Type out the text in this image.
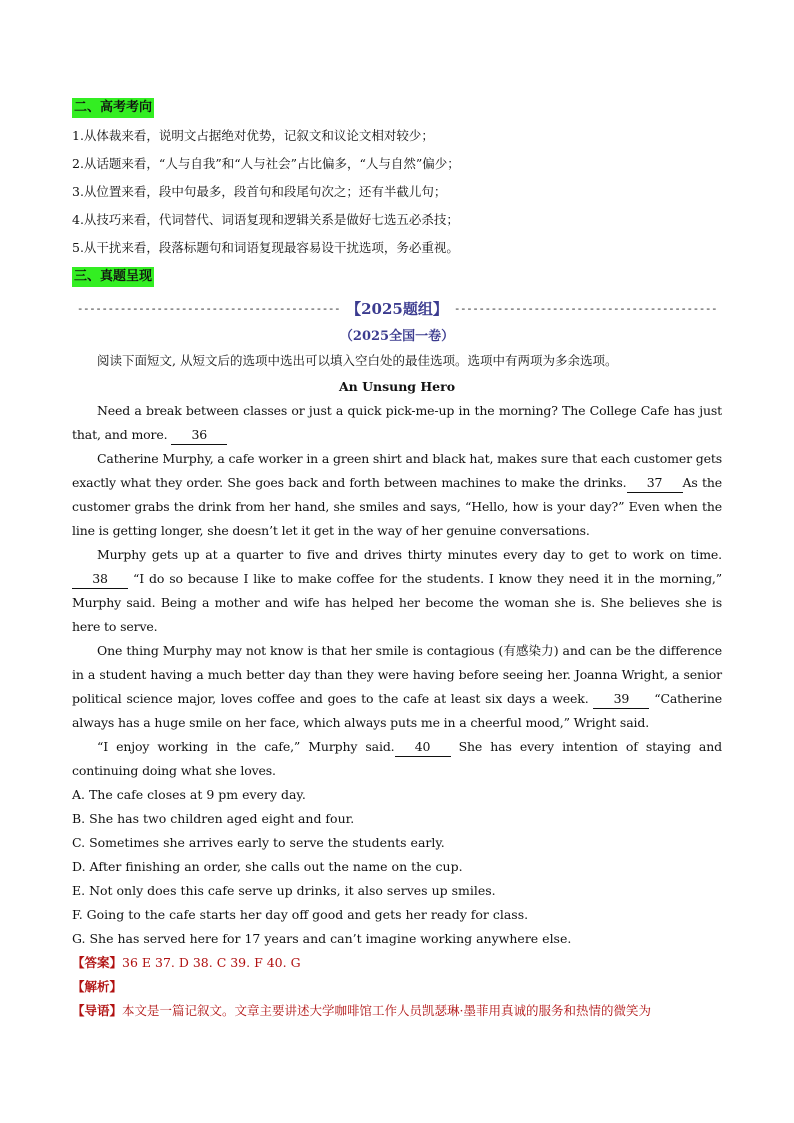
二、高考考向
1.从体裁来看，说明文占据绝对优势，记叙文和议论文相对较少；
2.从话题来看，“人与自我”和“人与社会”占比偏多，“人与自然”偏少；
3.从位置来看，段中句最多，段首句和段尾句次之；还有半截儿句；
4.从技巧来看，代词替代、词语复现和逻辑关系是做好七选五必杀技；
5.从干扰来看，段落标题句和词语复现最容易设干扰选项，务必重视。
三、真题呈现
------------------------------------------- 【2025题组】 -------------------------------------------
（2025全国一卷）
阅读下面短文, 从短文后的选项中选出可以填入空白处的最佳选项。选项中有两项为多余选项。
An Unsung Hero
Need a break between classes or just a quick pick-me-up in the morning? The College Cafe has just that, and more. 36
Catherine Murphy, a cafe worker in a green shirt and black hat, makes sure that each customer gets exactly what they order. She goes back and forth between machines to make the drinks. 37 As the customer grabs the drink from her hand, she smiles and says, “Hello, how is your day?” Even when the line is getting longer, she doesn’t let it get in the way of her genuine conversations.
Murphy gets up at a quarter to five and drives thirty minutes every day to get to work on time.38 “I do so because I like to make coffee for the students. I know they need it in the morning,” Murphy said. Being a mother and wife has helped her become the woman she is. She believes she is here to serve.
One thing Murphy may not know is that her smile is contagious (有感染力) and can be the difference in a student having a much better day than they were having before seeing her. Joanna Wright, a senior political science major, loves coffee and goes to the cafe at least six days a week. 39 “Catherine always has a huge smile on her face, which always puts me in a cheerful mood,” Wright said.
“I enjoy working in the cafe,” Murphy said. 40 She has every intention of staying and continuing doing what she loves.
A. The cafe closes at 9 pm every day.
B. She has two children aged eight and four.
C. Sometimes she arrives early to serve the students early.
D. After finishing an order, she calls out the name on the cup.
E. Not only does this cafe serve up drinks, it also serves up smiles.
F. Going to the cafe starts her day off good and gets her ready for class.
G. She has served here for 17 years and can’t imagine working anywhere else.
【答案】36 E 37. D 38. C 39. F 40. G
【解析】
【导语】本文是一篇记叙文。文章主要讲述大学咖啡馆工作人员凯瑟琳·墨菲用真诚的服务和热情的微笑为
